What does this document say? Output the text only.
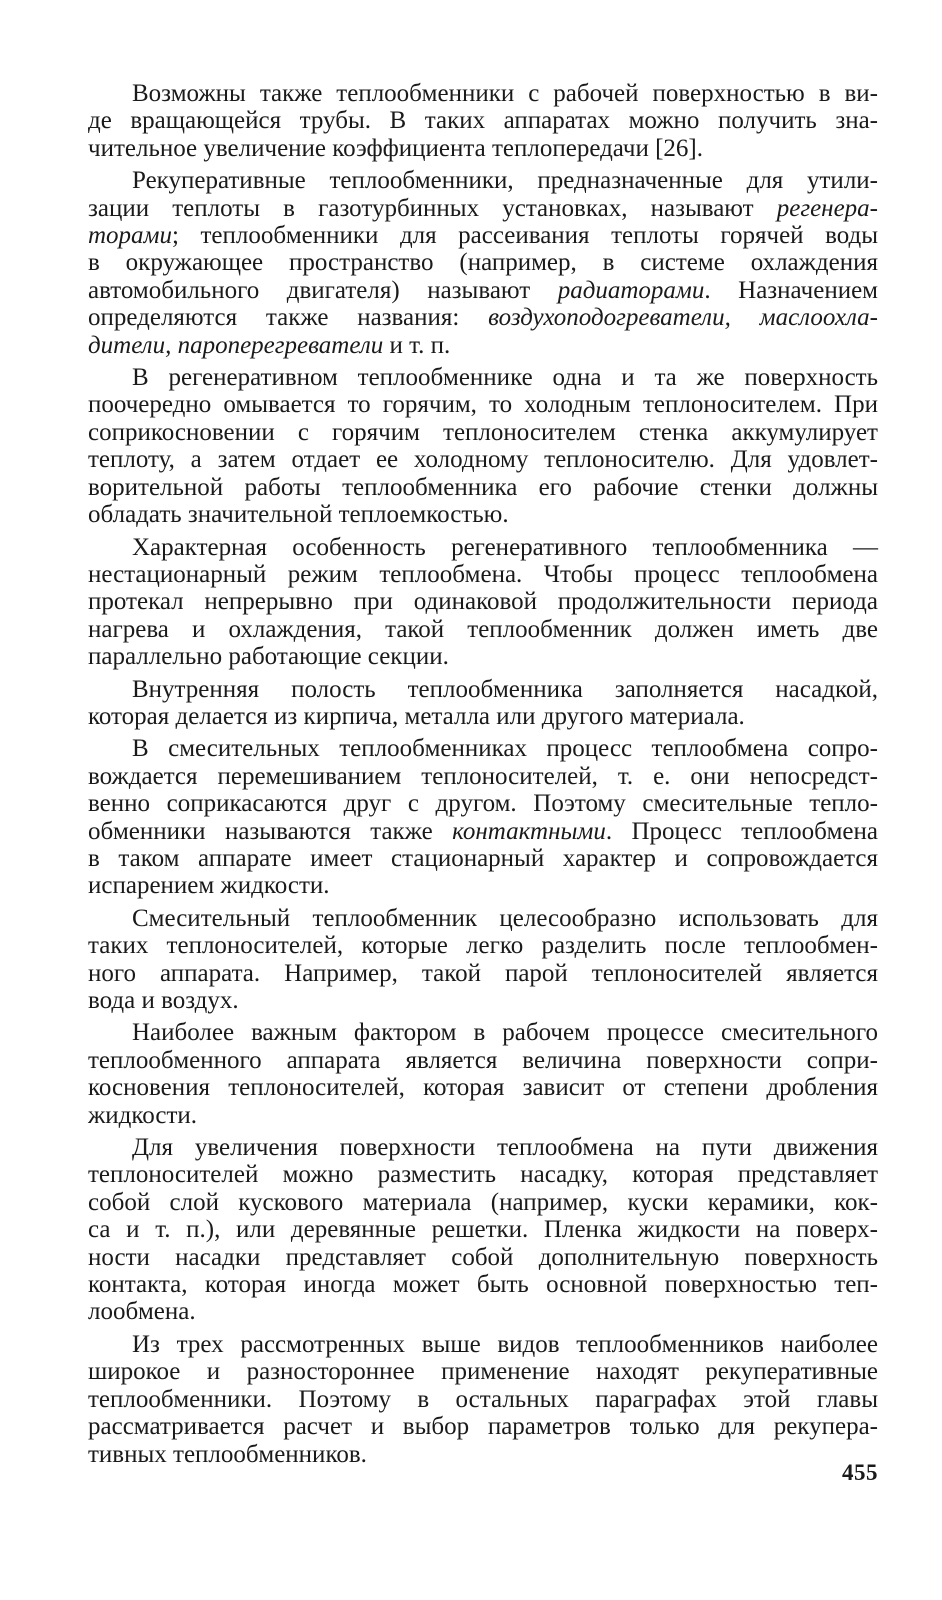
Возможны также теплообменники с рабочей поверхностью в ви-
де вращающейся трубы. В таких аппаратах можно получить зна-
чительное увеличение коэффициента теплопередачи [26].
Рекуперативные теплообменники, предназначенные для утили-
зации теплоты в газотурбинных установках, называют регенера-
торами; теплообменники для рассеивания теплоты горячей воды
в окружающее пространство (например, в системе охлаждения
автомобильного двигателя) называют радиаторами. Назначением
определяются также названия: воздухоподогреватели, маслоохла-
дители, пароперегреватели и т. п.
В регенеративном теплообменнике одна и та же поверхность
поочередно омывается то горячим, то холодным теплоносителем. При
соприкосновении с горячим теплоносителем стенка аккумулирует
теплоту, а затем отдает ее холодному теплоносителю. Для удовлет-
ворительной работы теплообменника его рабочие стенки должны
обладать значительной теплоемкостью.
Характерная особенность регенеративного теплообменника —
нестационарный режим теплообмена. Чтобы процесс теплообмена
протекал непрерывно при одинаковой продолжительности периода
нагрева и охлаждения, такой теплообменник должен иметь две
параллельно работающие секции.
Внутренняя полость теплообменника заполняется насадкой,
которая делается из кирпича, металла или другого материала.
В смесительных теплообменниках процесс теплообмена сопро-
вождается перемешиванием теплоносителей, т. е. они непосредст-
венно соприкасаются друг с другом. Поэтому смесительные тепло-
обменники называются также контактными. Процесс теплообмена
в таком аппарате имеет стационарный характер и сопровождается
испарением жидкости.
Смесительный теплообменник целесообразно использовать для
таких теплоносителей, которые легко разделить после теплообмен-
ного аппарата. Например, такой парой теплоносителей является
вода и воздух.
Наиболее важным фактором в рабочем процессе смесительного
теплообменного аппарата является величина поверхности сопри-
косновения теплоносителей, которая зависит от степени дробления
жидкости.
Для увеличения поверхности теплообмена на пути движения
теплоносителей можно разместить насадку, которая представляет
собой слой кускового материала (например, куски керамики, кок-
са и т. п.), или деревянные решетки. Пленка жидкости на поверх-
ности насадки представляет собой дополнительную поверхность
контакта, которая иногда может быть основной поверхностью теп-
лообмена.
Из трех рассмотренных выше видов теплообменников наиболее
широкое и разностороннее применение находят рекуперативные
теплообменники. Поэтому в остальных параграфах этой главы
рассматривается расчет и выбор параметров только для рекупера-
тивных теплообменников.
455
